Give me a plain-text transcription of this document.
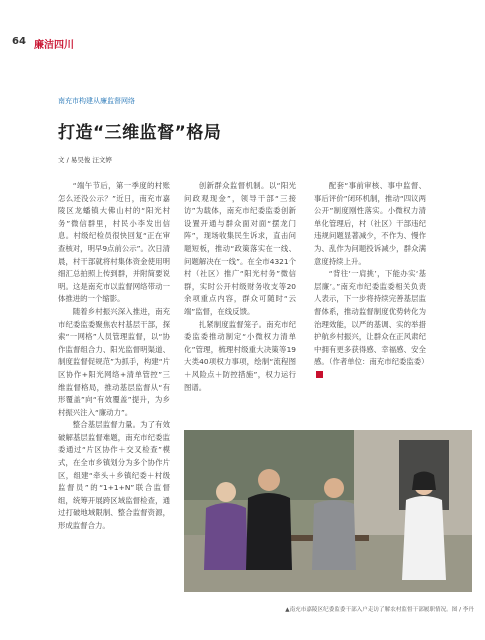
64 廉洁四川
南充市构建从廉监督网络
打造“三维监督”格局
文 / 易昊俊 汪文婷

“端午节后，第一季度的村账怎么还没公示？”近日，南充市嘉陵区龙蟠镇大佛山村的“阳光村务”微信群里，村民小李发出信息。村级纪检员很快回复“正在审查核对，明早9点前公示”。次日清晨，村干部就将村集体资金使用明细汇总拍照上传到群，并附简要说明。这是南充市以监督网络带动一体推进的一个缩影。

随着乡村振兴深入推进，南充市纪委监委聚焦农村基层干部，探索“一网格”人员管理监督，以“协作监督组合力、阳光监督明渠道、制度监督促规范”为抓手，构建“片区协作+阳光网络+清单管控”三维监督格局，推动基层监督从“有形覆盖”向“有效覆盖”提升，为乡村振兴注入“廉动力”。

整合基层监督力量。为了有效破解基层监督难题，南充市纪委监委通过“片区协作＋交叉检查”模式，在全市乡镇划分为多个协作片区，组建“牵头＋乡镇纪委＋村级监督员”的“1+1+N”联合监督组，统筹开展跨区域监督检查，通过打破地域限制、整合监督资源，形成监督合力。

创新群众监督机制。以“阳光问政观现金”，领导干部“三接访”为载体，南充市纪委监委创新设置开通与群众面对面“摆龙门阵”，现场收集民生诉求，直击问题短板，推动“政策落实在一线、问题解决在一线”。在全市4321个村（社区）推广“阳光村务”微信群，实时公开村级财务收支等20余项重点内容，群众可随时“云端”监督，在线反馈。

扎紧制度监督笼子。南充市纪委监委推动制定“小微权力清单化”管理，梳理村级重大决策等19大类40项权力事项，绘制“流程图＋风险点＋防控措施”，权力运行图谱。

配套“事前审核、事中监督、事后评价”闭环机制，推动“四议两公开”制度刚性落实。小微权力清单化管理后，村（社区）干部违纪违规问题显著减少，不作为、慢作为、乱作为问题投诉减少，群众满意度持续上升。

“背往‘一肩挑’，下能办实‘基层廉’。”南充市纪委监委相关负责人表示，下一步将持续完善基层监督体系，推动监督制度优势转化为治理效能，以严的基调、实的举措护航乡村振兴，让群众在正风肃纪中拥有更多获得感、幸福感、安全感。（作者单位：南充市纪委监委）

▲南充市嘉陵区纪委监委干部入户走访了解农村监督干部履职情况。图 / 李丹
